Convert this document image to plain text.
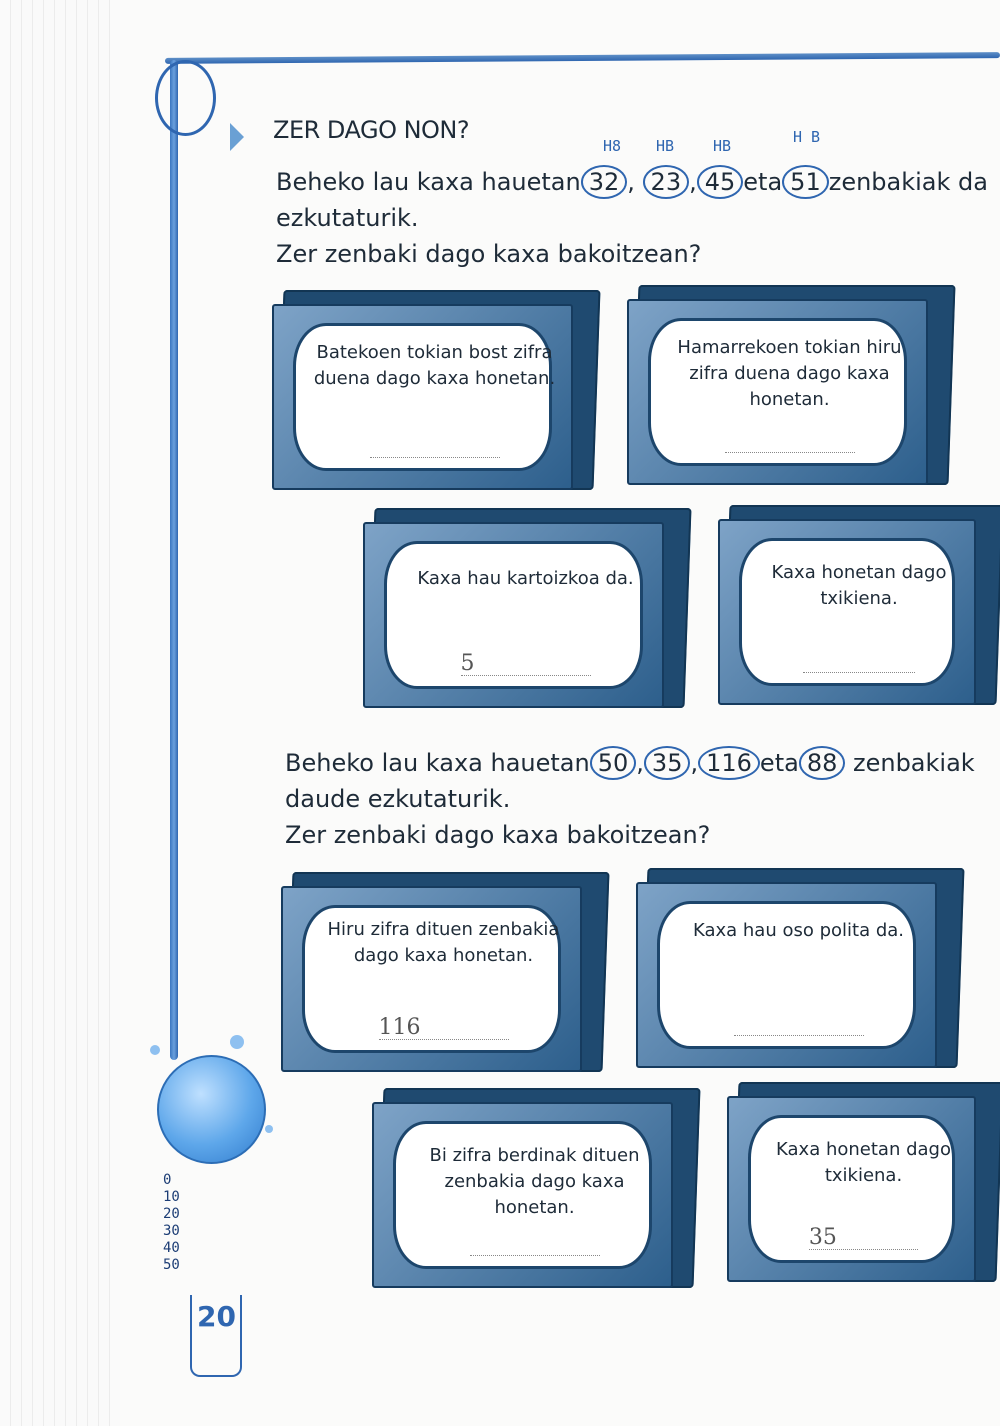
ZER DAGO NON?
H8 HB	HB	H B

Beheko lau kaxa hauetan 32 , 23 , 45 eta 51 zenbakiak da

ezkutaturik.

Zer zenbaki dago kaxa bakoitzean?

Batekoen tokian bost zifra duena dago kaxa honetan.
Hamarrekoen tokian hiru zifra duena dago kaxa honetan.
Kaxa hau kartoizkoa da.
5
Kaxa honetan dago txikiena.

Beheko lau kaxa hauetan 50 , 35 , 116 eta 88 zenbakiak

daude ezkutaturik.

Zer zenbaki dago kaxa bakoitzean?

Hiru zifra dituen zenbakia dago kaxa honetan.
116
Kaxa hau oso polita da.
Bi zifra berdinak dituen zenbakia dago kaxa honetan.
Kaxa honetan dago txikiena.
35
0
10
20
30
40
50
20
